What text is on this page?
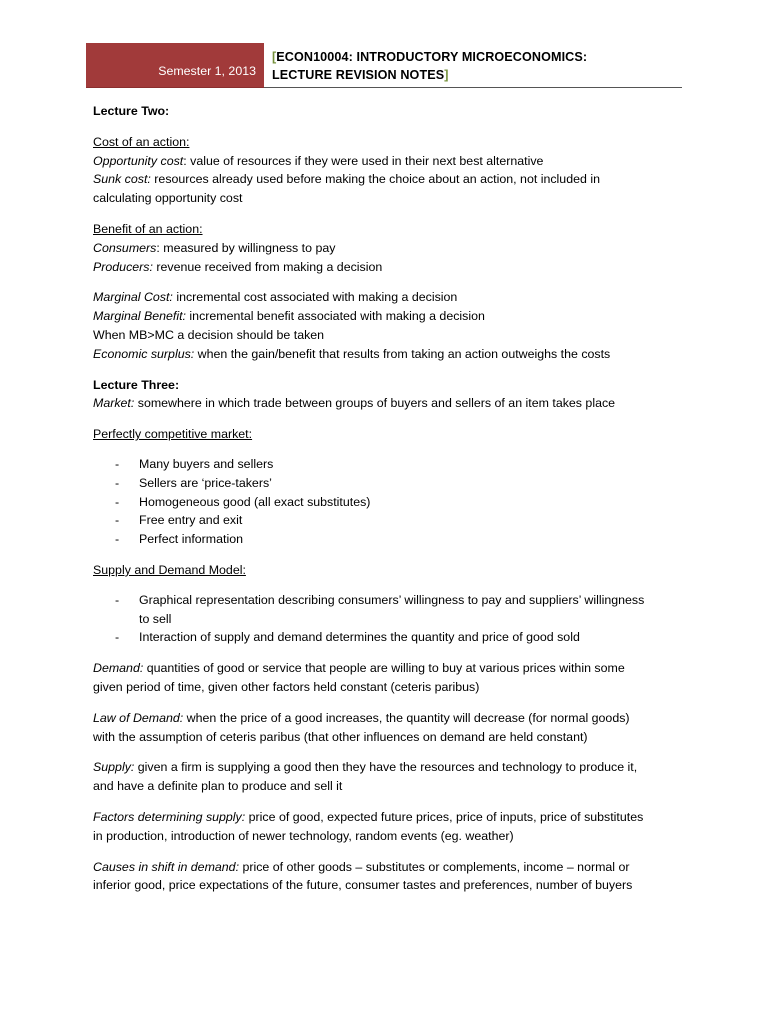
Semester 1, 2013
[ECON10004: INTRODUCTORY MICROECONOMICS:
LECTURE REVISION NOTES]
Lecture Two:
Cost of an action:
Opportunity cost: value of resources if they were used in their next best alternative
Sunk cost: resources already used before making the choice about an action, not included in
calculating opportunity cost
Benefit of an action:
Consumers: measured by willingness to pay
Producers: revenue received from making a decision
Marginal Cost: incremental cost associated with making a decision
Marginal Benefit: incremental benefit associated with making a decision
When MB>MC a decision should be taken
Economic surplus: when the gain/benefit that results from taking an action outweighs the costs
Lecture Three:
Market: somewhere in which trade between groups of buyers and sellers of an item takes place
Perfectly competitive market:
- Many buyers and sellers
- Sellers are ‘price-takers’
- Homogeneous good (all exact substitutes)
- Free entry and exit
- Perfect information
Supply and Demand Model:
- Graphical representation describing consumers’ willingness to pay and suppliers’ willingness
to sell
- Interaction of supply and demand determines the quantity and price of good sold
Demand: quantities of good or service that people are willing to buy at various prices within some
given period of time, given other factors held constant (ceteris paribus)
Law of Demand: when the price of a good increases, the quantity will decrease (for normal goods)
with the assumption of ceteris paribus (that other influences on demand are held constant)
Supply: given a firm is supplying a good then they have the resources and technology to produce it,
and have a definite plan to produce and sell it
Factors determining supply: price of good, expected future prices, price of inputs, price of substitutes
in production, introduction of newer technology, random events (eg. weather)
Causes in shift in demand: price of other goods – substitutes or complements, income – normal or
inferior good, price expectations of the future, consumer tastes and preferences, number of buyers
